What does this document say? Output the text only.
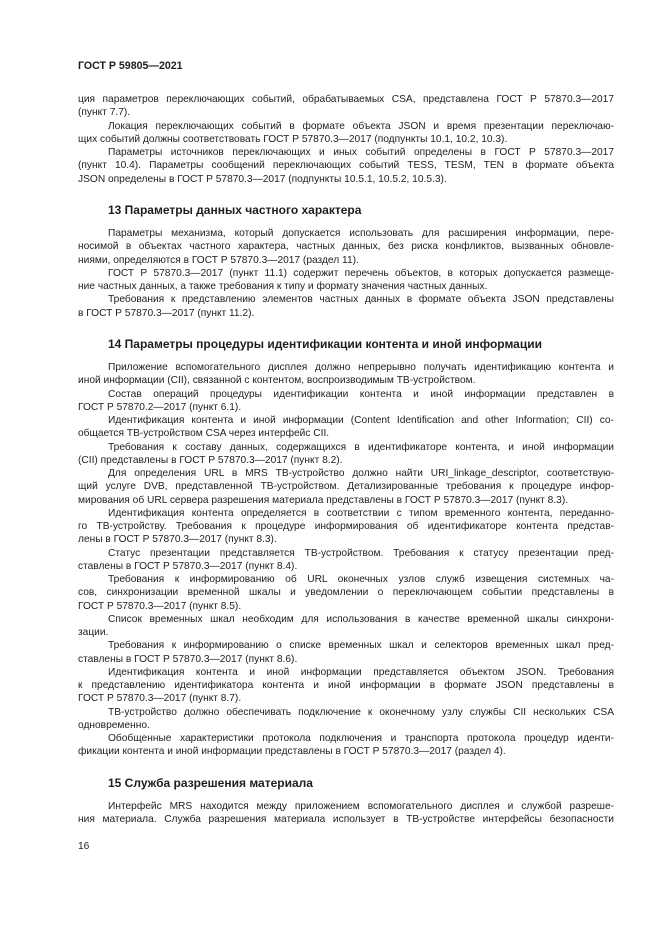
ГОСТ Р 59805—2021
ция параметров переключающих событий, обрабатываемых CSA, представлена ГОСТ Р 57870.3—2017
(пункт 7.7).
Локация переключающих событий в формате объекта JSON и время презентации переключаю-
щих событий должны соответствовать ГОСТ Р 57870.3—2017 (подпункты 10.1, 10.2, 10.3).
Параметры источников переключающих и иных событий определены в ГОСТ Р 57870.3—2017
(пункт 10.4). Параметры сообщений переключающих событий TESS, TESM, TEN в формате объекта
JSON определены в ГОСТ Р 57870.3—2017 (подпункты 10.5.1, 10.5.2, 10.5.3).
13 Параметры данных частного характера
Параметры механизма, который допускается использовать для расширения информации, пере-
носимой в объектах частного характера, частных данных, без риска конфликтов, вызванных обновле-
ниями, определяются в ГОСТ Р 57870.3—2017 (раздел 11).
ГОСТ Р 57870.3—2017 (пункт 11.1) содержит перечень объектов, в которых допускается размеще-
ние частных данных, а также требования к типу и формату значения частных данных.
Требования к представлению элементов частных данных в формате объекта JSON представлены
в ГОСТ Р 57870.3—2017 (пункт 11.2).
14 Параметры процедуры идентификации контента и иной информации
Приложение вспомогательного дисплея должно непрерывно получать идентификацию контента и
иной информации (CII), связанной с контентом, воспроизводимым ТВ-устройством.
Состав операций процедуры идентификации контента и иной информации представлен в
ГОСТ Р 57870.2—2017 (пункт 6.1).
Идентификация контента и иной информации (Content Identification and other Information; CII) со-
общается ТВ-устройством CSA через интерфейс CII.
Требования к составу данных, содержащихся в идентификаторе контента, и иной информации
(CII) представлены в ГОСТ Р 57870.3—2017 (пункт 8.2).
Для определения URL в MRS ТВ-устройство должно найти URI_linkage_descriptor, соответствую-
щий услуге DVB, представленной ТВ-устройством. Детализированные требования к процедуре инфор-
мирования об URL сервера разрешения материала представлены в ГОСТ Р 57870.3—2017 (пункт 8.3).
Идентификация контента определяется в соответствии с типом временного контента, переданно-
го ТВ-устройству. Требования к процедуре информирования об идентификаторе контента представ-
лены в ГОСТ Р 57870.3—2017 (пункт 8.3).
Статус презентации представляется ТВ-устройством. Требования к статусу презентации пред-
ставлены в ГОСТ Р 57870.3—2017 (пункт 8.4).
Требования к информированию об URL оконечных узлов служб извещения системных ча-
сов, синхронизации временной шкалы и уведомлении о переключающем событии представлены в
ГОСТ Р 57870.3—2017 (пункт 8.5).
Список временных шкал необходим для использования в качестве временной шкалы синхрони-
зации.
Требования к информированию о списке временных шкал и селекторов временных шкал пред-
ставлены в ГОСТ Р 57870.3—2017 (пункт 8.6).
Идентификация контента и иной информации представляется объектом JSON. Требования
к представлению идентификатора контента и иной информации в формате JSON представлены в
ГОСТ Р 57870.3—2017 (пункт 8.7).
ТВ-устройство должно обеспечивать подключение к оконечному узлу службы CII нескольких CSA
одновременно.
Обобщенные характеристики протокола подключения и транспорта протокола процедур иденти-
фикации контента и иной информации представлены в ГОСТ Р 57870.3—2017 (раздел 4).
15 Служба разрешения материала
Интерфейс MRS находится между приложением вспомогательного дисплея и службой разреше-
ния материала. Служба разрешения материала использует в ТВ-устройстве интерфейсы безопасности
16
